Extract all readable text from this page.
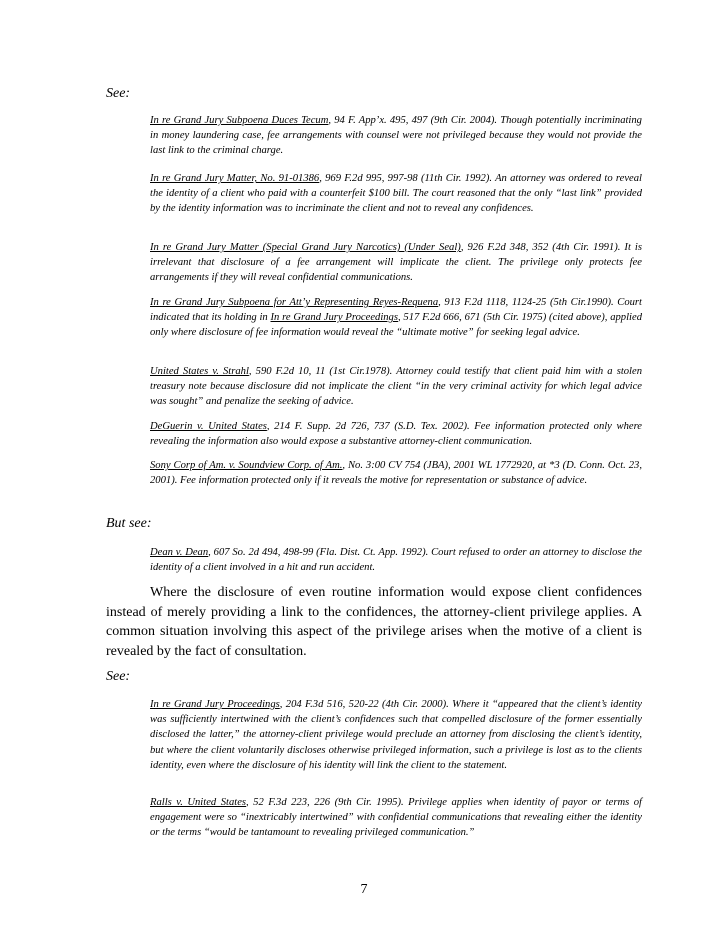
See:

In re Grand Jury Subpoena Duces Tecum, 94 F. App’x. 495, 497 (9th Cir. 2004). Though potentially incriminating in money laundering case, fee arrangements with counsel were not privileged because they would not provide the last link to the criminal charge.

In re Grand Jury Matter, No. 91-01386, 969 F.2d 995, 997-98 (11th Cir. 1992). An attorney was ordered to reveal the identity of a client who paid with a counterfeit $100 bill. The court reasoned that the only “last link” provided by the identity information was to incriminate the client and not to reveal any confidences.

In re Grand Jury Matter (Special Grand Jury Narcotics) (Under Seal), 926 F.2d 348, 352 (4th Cir. 1991). It is irrelevant that disclosure of a fee arrangement will implicate the client. The privilege only protects fee arrangements if they will reveal confidential communications.

In re Grand Jury Subpoena for Att’y Representing Reyes-Requena, 913 F.2d 1118, 1124-25 (5th Cir.1990). Court indicated that its holding in In re Grand Jury Proceedings, 517 F.2d 666, 671 (5th Cir. 1975) (cited above), applied only where disclosure of fee information would reveal the “ultimate motive” for seeking legal advice.

United States v. Strahl, 590 F.2d 10, 11 (1st Cir.1978). Attorney could testify that client paid him with a stolen treasury note because disclosure did not implicate the client “in the very criminal activity for which legal advice was sought” and penalize the seeking of advice.

DeGuerin v. United States, 214 F. Supp. 2d 726, 737 (S.D. Tex. 2002). Fee information protected only where revealing the information also would expose a substantive attorney-client communication.

Sony Corp of Am. v. Soundview Corp. of Am., No. 3:00 CV 754 (JBA), 2001 WL 1772920, at *3 (D. Conn. Oct. 23, 2001). Fee information protected only if it reveals the motive for representation or substance of advice.

But see:

Dean v. Dean, 607 So. 2d 494, 498-99 (Fla. Dist. Ct. App. 1992). Court refused to order an attorney to disclose the identity of a client involved in a hit and run accident.

Where the disclosure of even routine information would expose client confidences instead of merely providing a link to the confidences, the attorney-client privilege applies. A common situation involving this aspect of the privilege arises when the motive of a client is revealed by the fact of consultation.

See:

In re Grand Jury Proceedings, 204 F.3d 516, 520-22 (4th Cir. 2000). Where it “appeared that the client’s identity was sufficiently intertwined with the client’s confidences such that compelled disclosure of the former essentially disclosed the latter,” the attorney-client privilege would preclude an attorney from disclosing the client’s identity, but where the client voluntarily discloses otherwise privileged information, such a privilege is lost as to the clients identity, even where the disclosure of his identity will link the client to the statement.

Ralls v. United States, 52 F.3d 223, 226 (9th Cir. 1995). Privilege applies when identity of payor or terms of engagement were so “inextricably intertwined” with confidential communications that revealing either the identity or the terms “would be tantamount to revealing privileged communication.”

7
